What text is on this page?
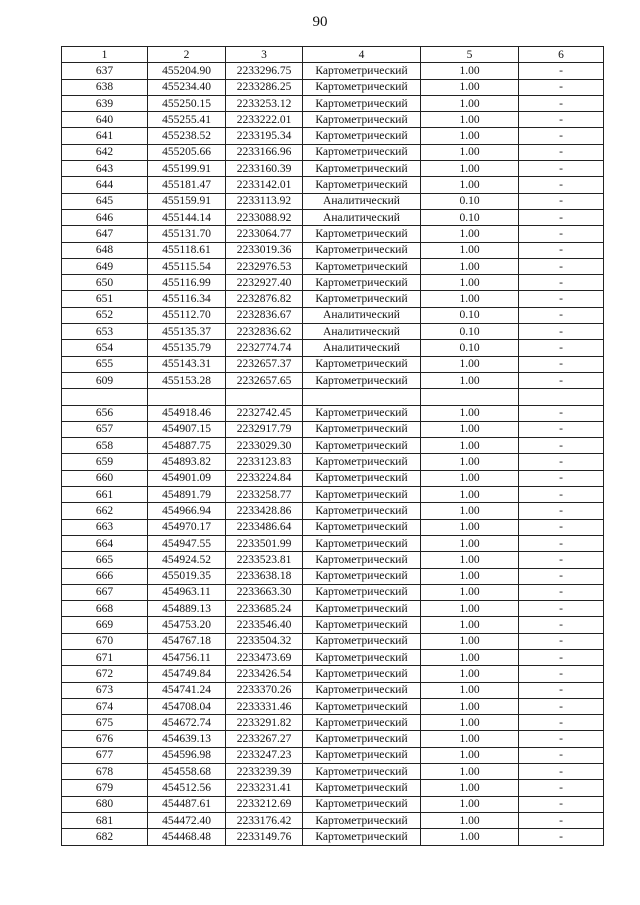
90
1	2	3	4	5	6
637	455204.90	2233296.75	Картометрический	1.00	-
638	455234.40	2233286.25	Картометрический	1.00	-
639	455250.15	2233253.12	Картометрический	1.00	-
640	455255.41	2233222.01	Картометрический	1.00	-
641	455238.52	2233195.34	Картометрический	1.00	-
642	455205.66	2233166.96	Картометрический	1.00	-
643	455199.91	2233160.39	Картометрический	1.00	-
644	455181.47	2233142.01	Картометрический	1.00	-
645	455159.91	2233113.92	Аналитический	0.10	-
646	455144.14	2233088.92	Аналитический	0.10	-
647	455131.70	2233064.77	Картометрический	1.00	-
648	455118.61	2233019.36	Картометрический	1.00	-
649	455115.54	2232976.53	Картометрический	1.00	-
650	455116.99	2232927.40	Картометрический	1.00	-
651	455116.34	2232876.82	Картометрический	1.00	-
652	455112.70	2232836.67	Аналитический	0.10	-
653	455135.37	2232836.62	Аналитический	0.10	-
654	455135.79	2232774.74	Аналитический	0.10	-
655	455143.31	2232657.37	Картометрический	1.00	-
609	455153.28	2232657.65	Картометрический	1.00	-

656	454918.46	2232742.45	Картометрический	1.00	-
657	454907.15	2232917.79	Картометрический	1.00	-
658	454887.75	2233029.30	Картометрический	1.00	-
659	454893.82	2233123.83	Картометрический	1.00	-
660	454901.09	2233224.84	Картометрический	1.00	-
661	454891.79	2233258.77	Картометрический	1.00	-
662	454966.94	2233428.86	Картометрический	1.00	-
663	454970.17	2233486.64	Картометрический	1.00	-
664	454947.55	2233501.99	Картометрический	1.00	-
665	454924.52	2233523.81	Картометрический	1.00	-
666	455019.35	2233638.18	Картометрический	1.00	-
667	454963.11	2233663.30	Картометрический	1.00	-
668	454889.13	2233685.24	Картометрический	1.00	-
669	454753.20	2233546.40	Картометрический	1.00	-
670	454767.18	2233504.32	Картометрический	1.00	-
671	454756.11	2233473.69	Картометрический	1.00	-
672	454749.84	2233426.54	Картометрический	1.00	-
673	454741.24	2233370.26	Картометрический	1.00	-
674	454708.04	2233331.46	Картометрический	1.00	-
675	454672.74	2233291.82	Картометрический	1.00	-
676	454639.13	2233267.27	Картометрический	1.00	-
677	454596.98	2233247.23	Картометрический	1.00	-
678	454558.68	2233239.39	Картометрический	1.00	-
679	454512.56	2233231.41	Картометрический	1.00	-
680	454487.61	2233212.69	Картометрический	1.00	-
681	454472.40	2233176.42	Картометрический	1.00	-
682	454468.48	2233149.76	Картометрический	1.00	-
